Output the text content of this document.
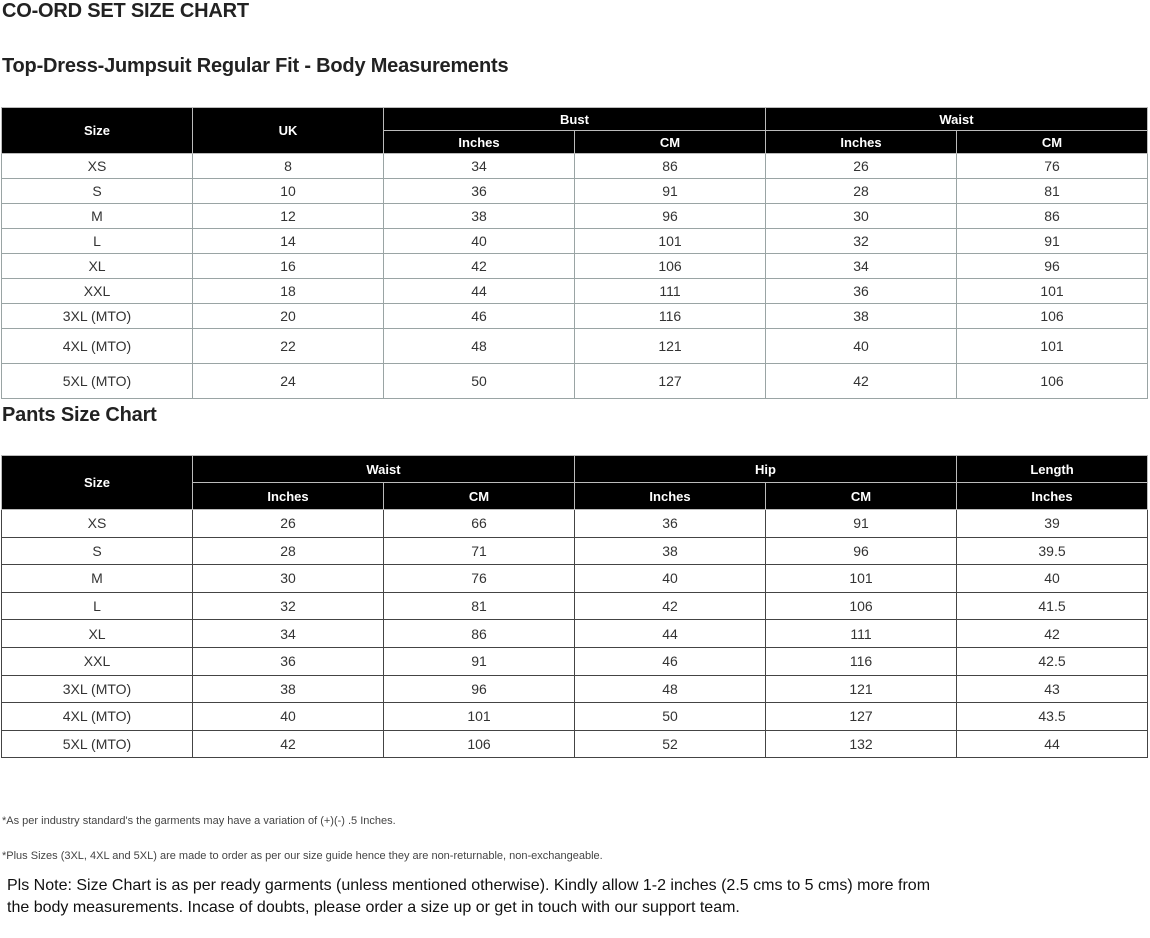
CO-ORD SET SIZE CHART
Top-Dress-Jumpsuit Regular Fit - Body Measurements
Size	UK	Bust		Waist	
		Inches	CM	Inches	CM
XS	8	34	86	26	76
S	10	36	91	28	81
M	12	38	96	30	86
L	14	40	101	32	91
XL	16	42	106	34	96
XXL	18	44	111	36	101
3XL (MTO)	20	46	116	38	106
4XL (MTO)	22	48	121	40	101
5XL (MTO)	24	50	127	42	106
Pants Size Chart
Size	Waist		Hip		Length
	Inches	CM	Inches	CM	Inches
XS	26	66	36	91	39
S	28	71	38	96	39.5
M	30	76	40	101	40
L	32	81	42	106	41.5
XL	34	86	44	111	42
XXL	36	91	46	116	42.5
3XL (MTO)	38	96	48	121	43
4XL (MTO)	40	101	50	127	43.5
5XL (MTO)	42	106	52	132	44
*As per industry standard's the garments may have a variation of (+)(-) .5 Inches.
*Plus Sizes (3XL, 4XL and 5XL) are made to order as per our size guide hence they are non-returnable, non-exchangeable.
Pls Note: Size Chart is as per ready garments (unless mentioned otherwise). Kindly allow 1-2 inches (2.5 cms to 5 cms) more from
the body measurements. Incase of doubts, please order a size up or get in touch with our support team.
